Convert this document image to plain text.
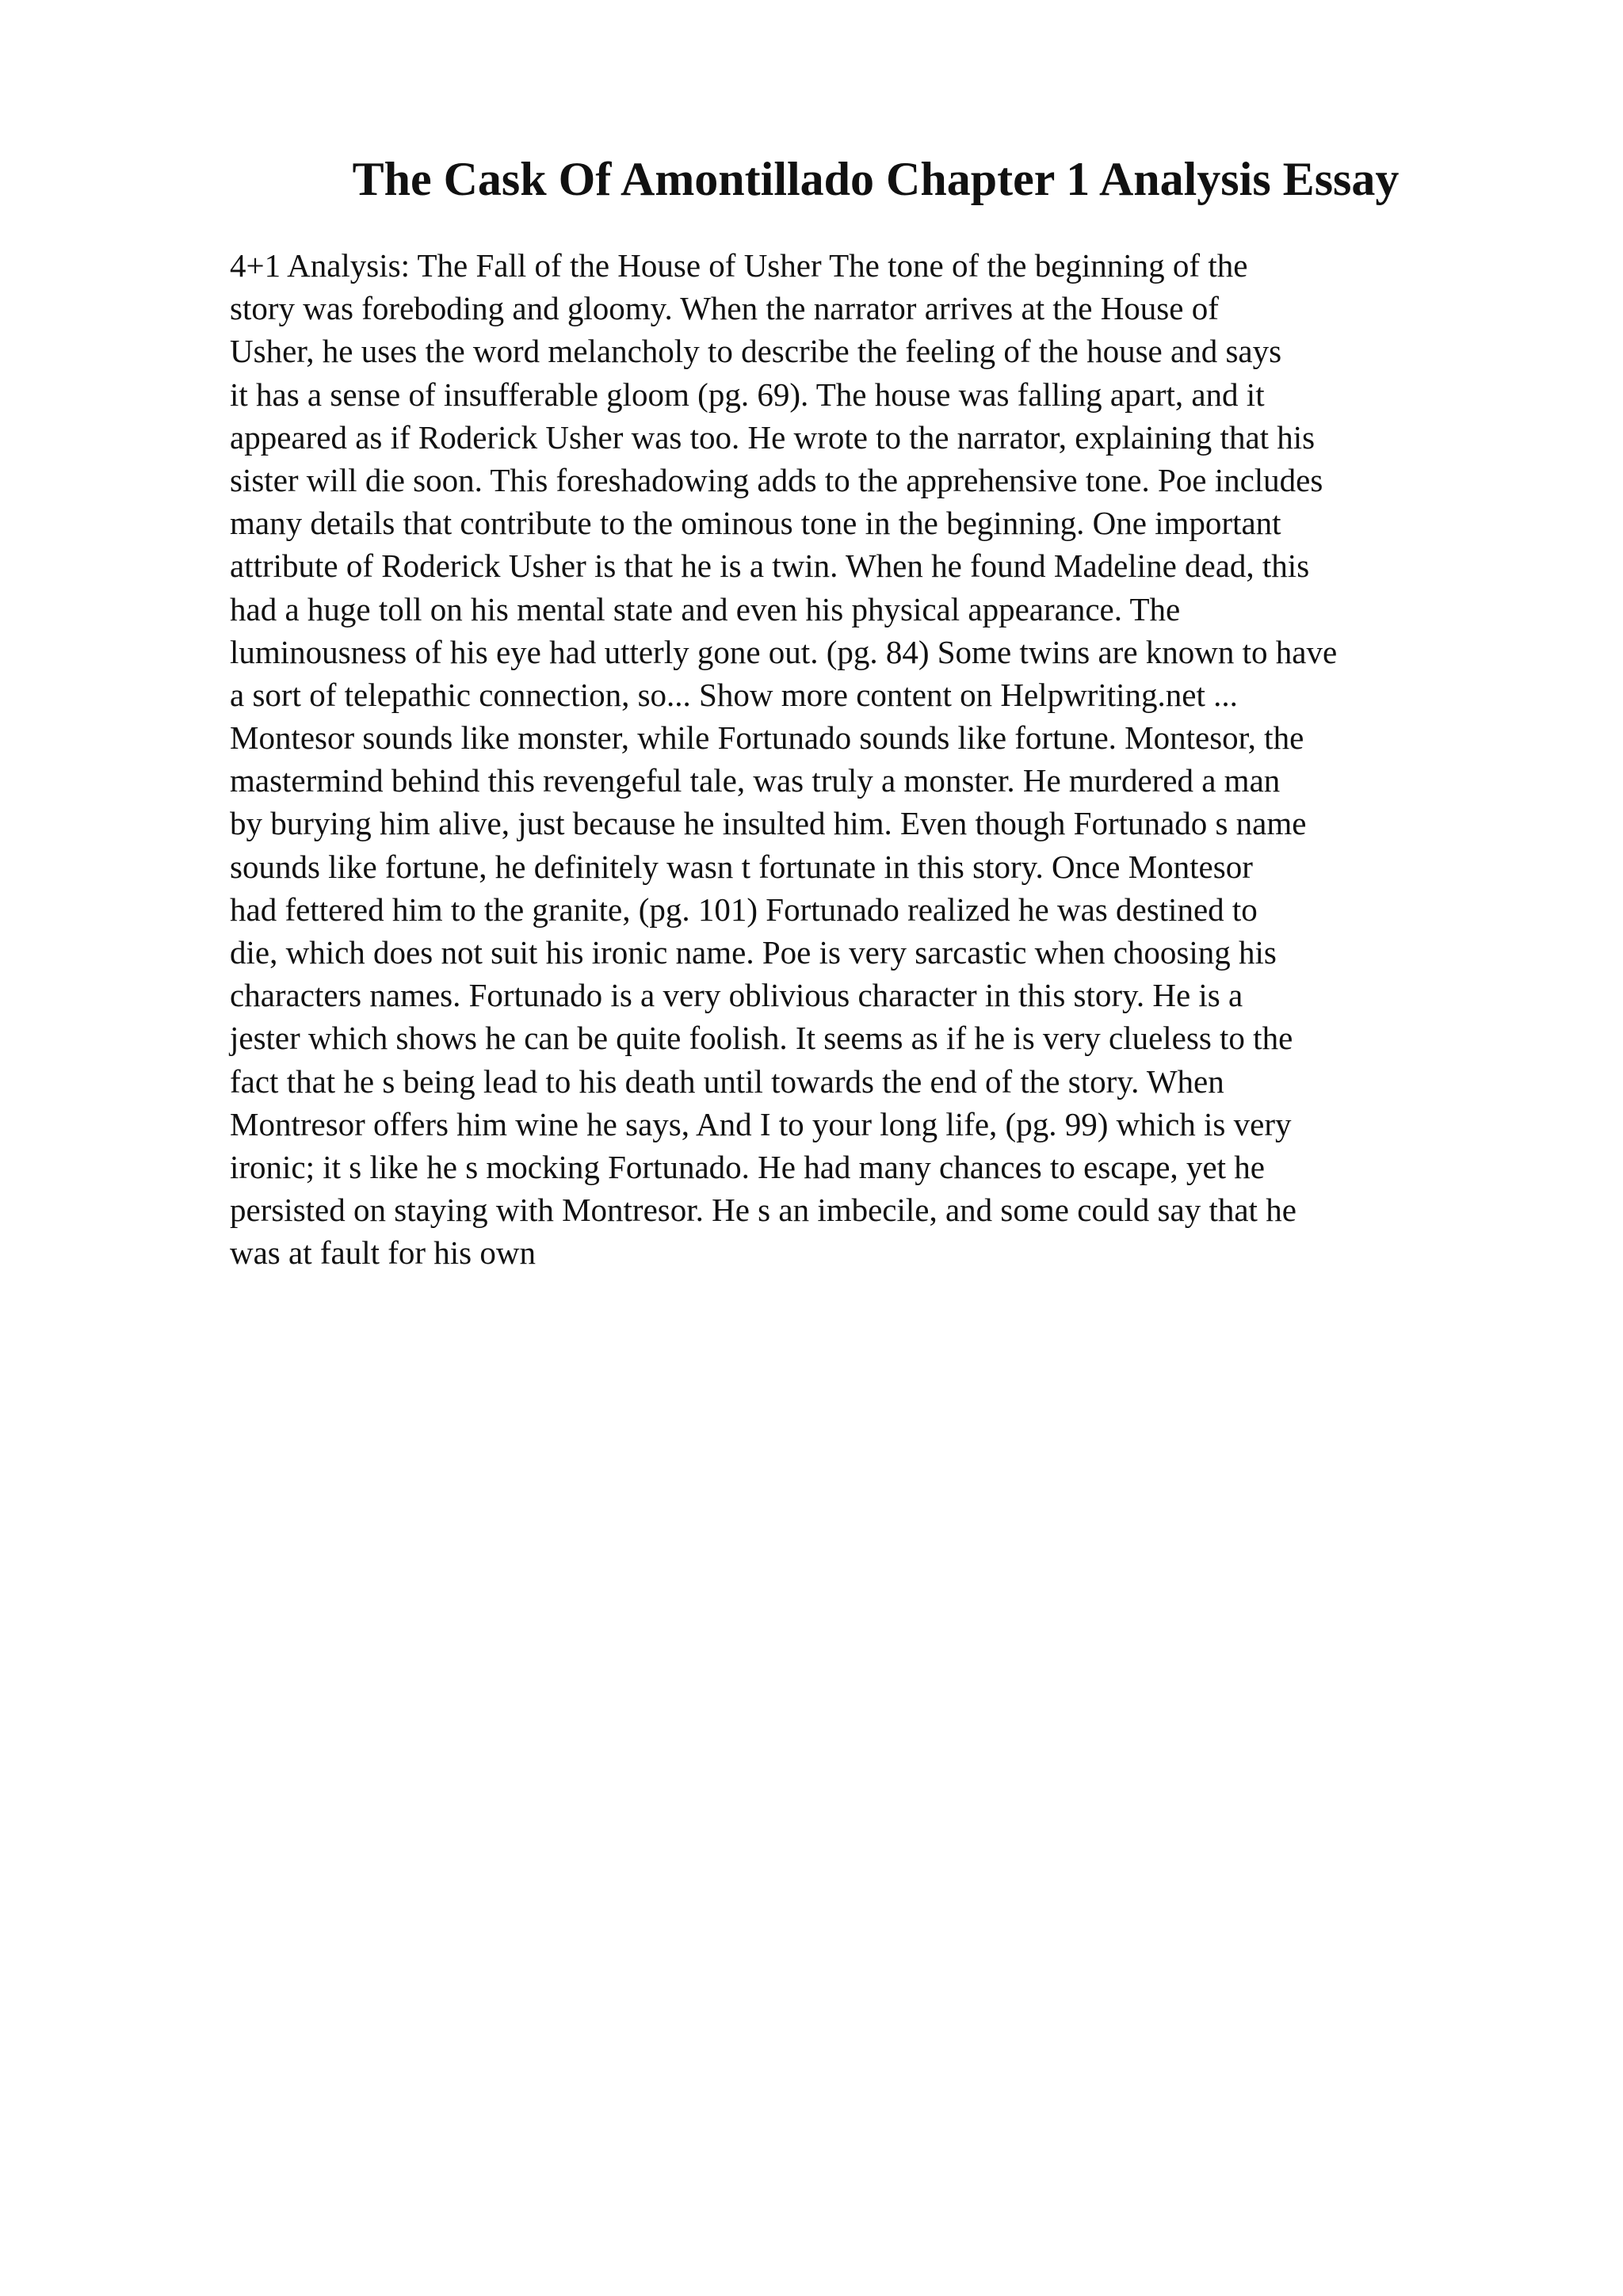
The Cask Of Amontillado Chapter 1 Analysis Essay
4+1 Analysis: The Fall of the House of Usher The tone of the beginning of the
story was foreboding and gloomy. When the narrator arrives at the House of
Usher, he uses the word melancholy to describe the feeling of the house and says
it has a sense of insufferable gloom (pg. 69). The house was falling apart, and it
appeared as if Roderick Usher was too. He wrote to the narrator, explaining that his
sister will die soon. This foreshadowing adds to the apprehensive tone. Poe includes
many details that contribute to the ominous tone in the beginning. One important
attribute of Roderick Usher is that he is a twin. When he found Madeline dead, this
had a huge toll on his mental state and even his physical appearance. The
luminousness of his eye had utterly gone out. (pg. 84) Some twins are known to have
a sort of telepathic connection, so... Show more content on Helpwriting.net ...
Montesor sounds like monster, while Fortunado sounds like fortune. Montesor, the
mastermind behind this revengeful tale, was truly a monster. He murdered a man
by burying him alive, just because he insulted him. Even though Fortunado s name
sounds like fortune, he definitely wasn t fortunate in this story. Once Montesor
had fettered him to the granite, (pg. 101) Fortunado realized he was destined to
die, which does not suit his ironic name. Poe is very sarcastic when choosing his
characters names. Fortunado is a very oblivious character in this story. He is a
jester which shows he can be quite foolish. It seems as if he is very clueless to the
fact that he s being lead to his death until towards the end of the story. When
Montresor offers him wine he says, And I to your long life, (pg. 99) which is very
ironic; it s like he s mocking Fortunado. He had many chances to escape, yet he
persisted on staying with Montresor. He s an imbecile, and some could say that he
was at fault for his own
